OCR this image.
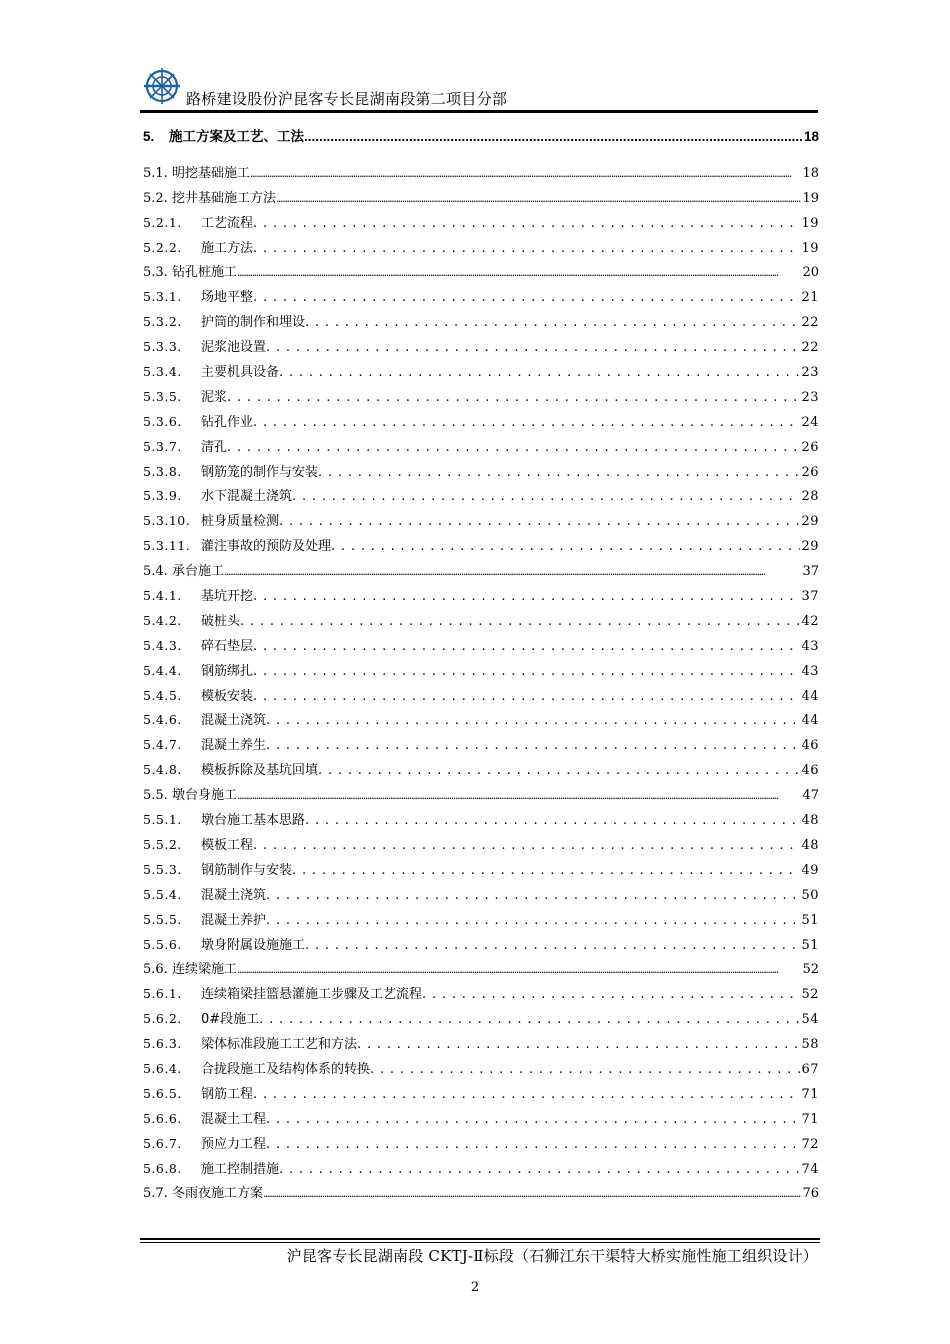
路桥建设股份沪昆客专长昆湖南段第二项目分部
5. 施工方案及工艺、工法 .....	18
5.1. 明挖基础施工 .....	18
5.2. 挖井基础施工方法 .....	19
5.2.1. 工艺流程 .....	19
5.2.2. 施工方法 .....	19
5.3. 钻孔桩施工 .....	20
5.3.1. 场地平整 .....	21
5.3.2. 护筒的制作和埋设 .....	22
5.3.3. 泥浆池设置 .....	22
5.3.4. 主要机具设备 .....	23
5.3.5. 泥浆 .....	23
5.3.6. 钻孔作业 .....	24
5.3.7. 清孔 .....	26
5.3.8. 钢筋笼的制作与安装 .....	26
5.3.9. 水下混凝土浇筑 .....	28
5.3.10. 桩身质量检测 .....	29
5.3.11. 灌注事故的预防及处理 .....	29
5.4. 承台施工 .....	37
5.4.1. 基坑开挖 .....	37
5.4.2. 破桩头 .....	42
5.4.3. 碎石垫层 .....	43
5.4.4. 钢筋绑扎 .....	43
5.4.5. 模板安装 .....	44
5.4.6. 混凝土浇筑 .....	44
5.4.7. 混凝土养生 .....	46
5.4.8. 模板拆除及基坑回填 .....	46
5.5. 墩台身施工 .....	47
5.5.1. 墩台施工基本思路 .....	48
5.5.2. 模板工程 .....	48
5.5.3. 钢筋制作与安装 .....	49
5.5.4. 混凝土浇筑 .....	50
5.5.5. 混凝土养护 .....	51
5.5.6. 墩身附属设施施工 .....	51
5.6. 连续梁施工 .....	52
5.6.1. 连续箱梁挂篮悬灌施工步骤及工艺流程 .....	52
5.6.2. 0#段施工 .....	54
5.6.3. 梁体标准段施工工艺和方法 .....	58
5.6.4. 合拢段施工及结构体系的转换 .....	67
5.6.5. 钢筋工程 .....	71
5.6.6. 混凝土工程 .....	71
5.6.7. 预应力工程 .....	72
5.6.8. 施工控制措施 .....	74
5.7. 冬雨夜施工方案 .....	76
沪昆客专长昆湖南段 CKTJ-Ⅱ标段（石狮江东干渠特大桥实施性施工组织设计）
2
